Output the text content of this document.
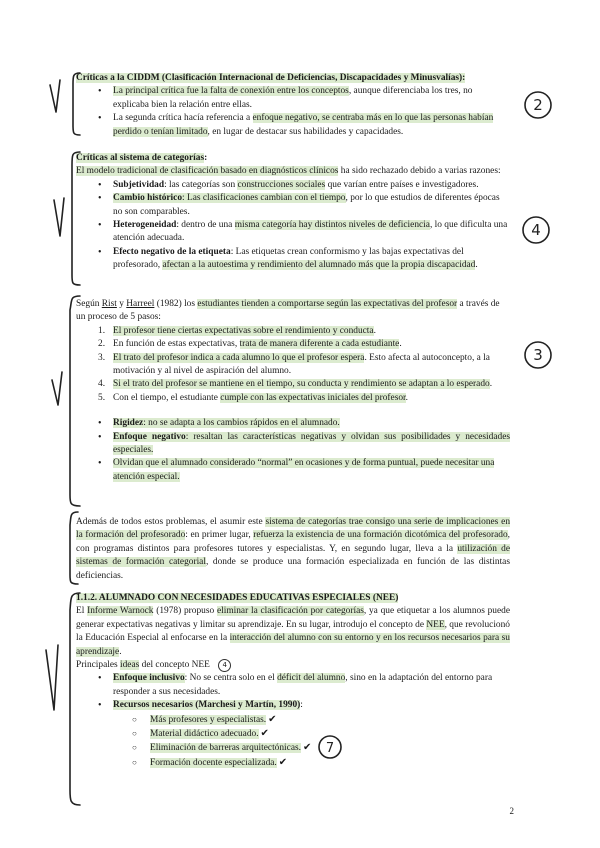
Críticas a la CIDDM (Clasificación Internacional de Deficiencias, Discapacidades y Minusvalías):
• La principal crítica fue la falta de conexión entre los conceptos, aunque diferenciaba los tres, no explicaba bien la relación entre ellas.
• La segunda crítica hacía referencia a enfoque negativo, se centraba más en lo que las personas habían perdido o tenían limitado, en lugar de destacar sus habilidades y capacidades.
Críticas al sistema de categorías:
El modelo tradicional de clasificación basado en diagnósticos clínicos ha sido rechazado debido a varias razones:
• Subjetividad: las categorías son construcciones sociales que varían entre países e investigadores.
• Cambio histórico: Las clasificaciones cambian con el tiempo, por lo que estudios de diferentes épocas no son comparables.
• Heterogeneidad: dentro de una misma categoría hay distintos niveles de deficiencia, lo que dificulta una atención adecuada.
• Efecto negativo de la etiqueta: Las etiquetas crean conformismo y las bajas expectativas del profesorado, afectan a la autoestima y rendimiento del alumnado más que la propia discapacidad.
Según Rist y Harreel (1982) los estudiantes tienden a comportarse según las expectativas del profesor a través de un proceso de 5 pasos:
1. El profesor tiene ciertas expectativas sobre el rendimiento y conducta.
2. En función de estas expectativas, trata de manera diferente a cada estudiante.
3. El trato del profesor indica a cada alumno lo que el profesor espera. Esto afecta al autoconcepto, a la motivación y al nivel de aspiración del alumno.
4. Si el trato del profesor se mantiene en el tiempo, su conducta y rendimiento se adaptan a lo esperado.
5. Con el tiempo, el estudiante cumple con las expectativas iniciales del profesor.
• Rigidez: no se adapta a los cambios rápidos en el alumnado.
• Enfoque negativo: resaltan las características negativas y olvidan sus posibilidades y necesidades especiales.
• Olvidan que el alumnado considerado “normal” en ocasiones y de forma puntual, puede necesitar una atención especial.
Además de todos estos problemas, el asumir este sistema de categorías trae consigo una serie de implicaciones en la formación del profesorado: en primer lugar, refuerza la existencia de una formación dicotómica del profesorado, con programas distintos para profesores tutores y especialistas. Y, en segundo lugar, lleva a la utilización de sistemas de formación categorial, donde se produce una formación especializada en función de las distintas deficiencias.
1.1.2. ALUMNADO CON NECESIDADES EDUCATIVAS ESPECIALES (NEE)
El Informe Warnock (1978) propuso eliminar la clasificación por categorías, ya que etiquetar a los alumnos puede generar expectativas negativas y limitar su aprendizaje. En su lugar, introdujo el concepto de NEE, que revolucionó la Educación Especial al enfocarse en la interacción del alumno con su entorno y en los recursos necesarios para su aprendizaje.
Principales ideas del concepto NEE 4
• Enfoque inclusivo: No se centra solo en el déficit del alumno, sino en la adaptación del entorno para responder a sus necesidades.
• Recursos necesarios (Marchesi y Martín, 1990):
○ Más profesores y especialistas. ✔
○ Material didáctico adecuado. ✔
○ Eliminación de barreras arquitectónicas. ✔
○ Formación docente especializada. ✔
2
2
4
3
7
